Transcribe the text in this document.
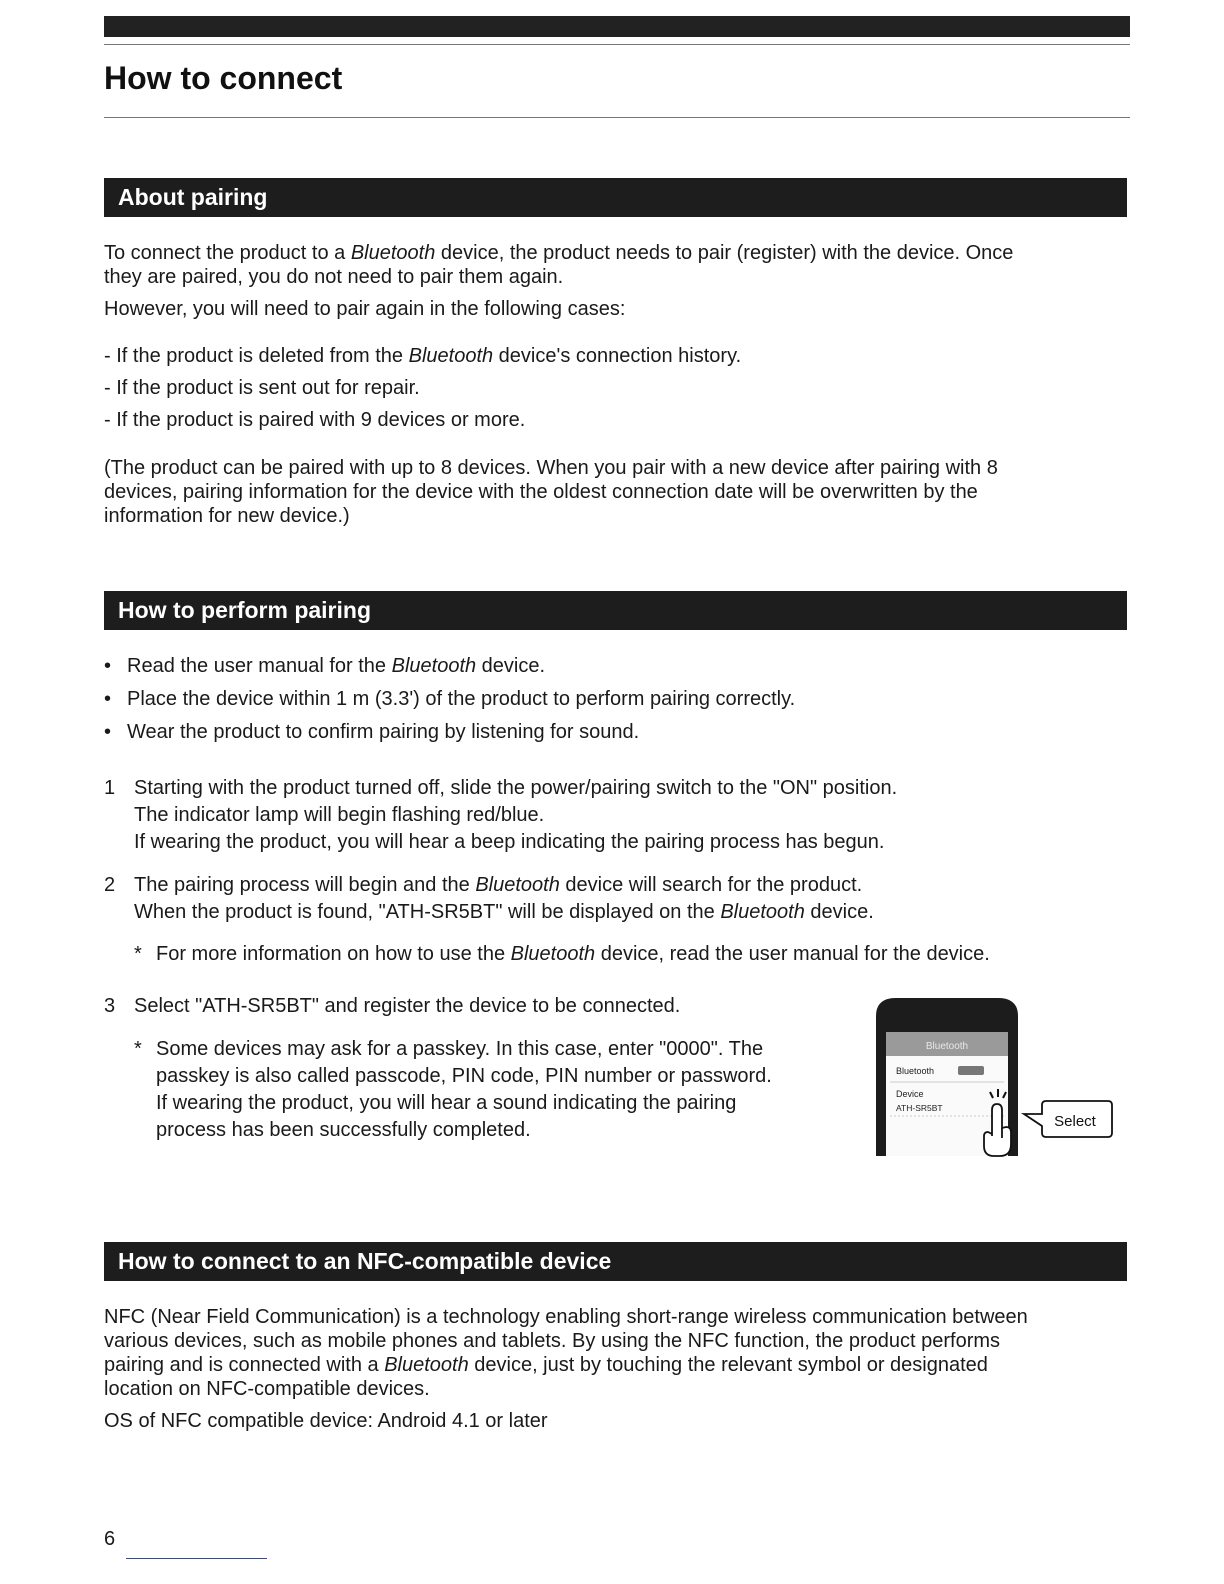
How to connect
About pairing

To connect the product to a Bluetooth device, the product needs to pair (register) with the device. Once

they are paired, you do not need to pair them again.

However, you will need to pair again in the following cases:

- If the product is deleted from the Bluetooth device's connection history.
- If the product is sent out for repair.
- If the product is paired with 9 devices or more.

(The product can be paired with up to 8 devices. When you pair with a new device after pairing with 8

devices, pairing information for the device with the oldest connection date will be overwritten by the

information for new device.)

How to perform pairing
• Read the user manual for the Bluetooth device.
• Place the device within 1 m (3.3') of the product to perform pairing correctly.
• Wear the product to confirm pairing by listening for sound.
1 Starting with the product turned off, slide the power/pairing switch to the "ON" position.
The indicator lamp will begin flashing red/blue.
If wearing the product, you will hear a beep indicating the pairing process has begun.
2 The pairing process will begin and the Bluetooth device will search for the product.
When the product is found, "ATH-SR5BT" will be displayed on the Bluetooth device.
* For more information on how to use the Bluetooth device, read the user manual for the device.
3 Select "ATH-SR5BT" and register the device to be connected.
* Some devices may ask for a passkey. In this case, enter "0000". The
passkey is also called passcode, PIN code, PIN number or password.
If wearing the product, you will hear a sound indicating the pairing
process has been successfully completed.
Bluetooth
Bluetooth
Device
ATH-SR5BT
Select
How to connect to an NFC-compatible device

NFC (Near Field Communication) is a technology enabling short-range wireless communication between

various devices, such as mobile phones and tablets. By using the NFC function, the product performs

pairing and is connected with a Bluetooth device, just by touching the relevant symbol or designated

location on NFC-compatible devices.

OS of NFC compatible device: Android 4.1 or later

6
